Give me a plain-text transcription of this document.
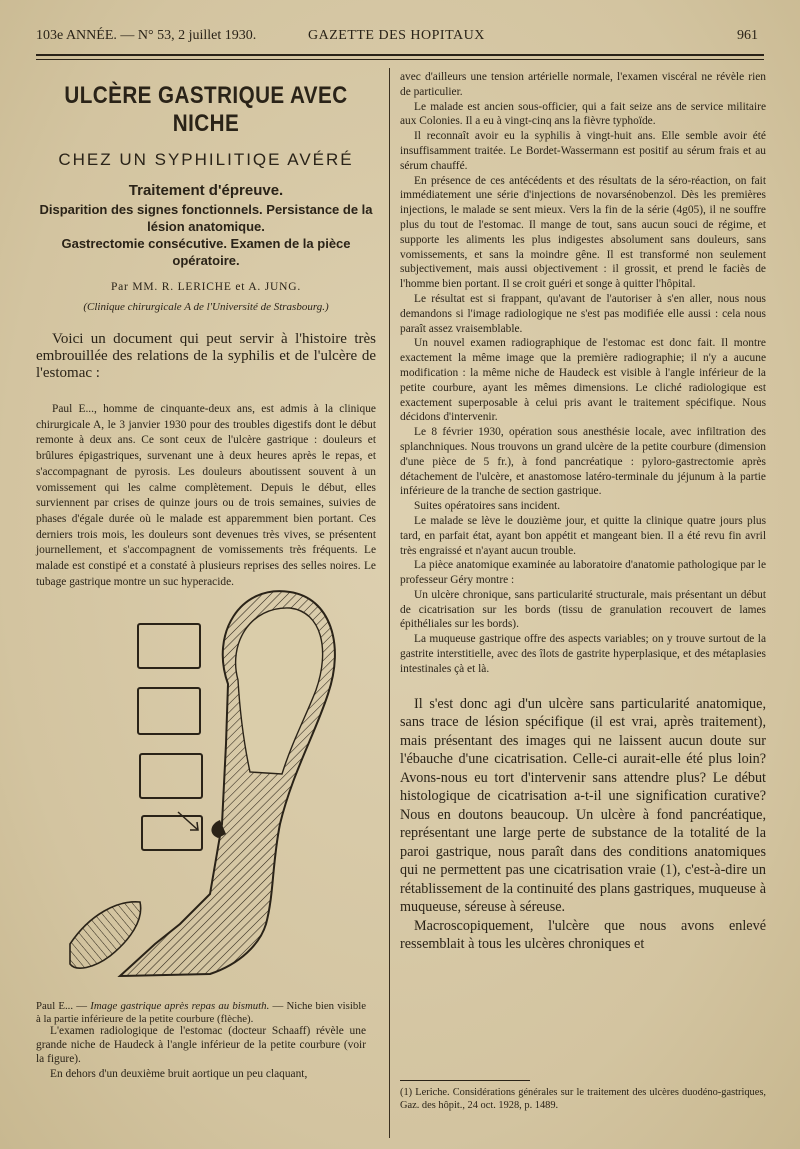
103e ANNÉE. — N° 53, 2 juillet 1930.	GAZETTE DES HOPITAUX	961
ULCÈRE GASTRIQUE AVEC NICHE
CHEZ UN SYPHILITIQE AVÉRÉ
Traitement d'épreuve.
Disparition des signes fonctionnels. Persistance de la lésion anatomique.
Gastrectomie consécutive. Examen de la pièce opératoire.
Par MM. R. LERICHE et A. JUNG.
(Clinique chirurgicale A de l'Université de Strasbourg.)
Voici un document qui peut servir à l'histoire très embrouillée des relations de la syphilis et de l'ulcère de l'estomac :
Paul E..., homme de cinquante-deux ans, est admis à la clinique chirurgicale A, le 3 janvier 1930 pour des troubles digestifs dont le début remonte à deux ans. Ce sont ceux de l'ulcère gastrique : douleurs et brûlures épigastriques, survenant une à deux heures après le repas, et s'accompagnant de pyrosis. Les douleurs aboutissent souvent à un vomissement qui les calme complètement. Depuis le début, elles surviennent par crises de quinze jours ou de trois semaines, suivies de phases d'égale durée où le malade est apparemment bien portant. Ces derniers trois mois, les douleurs sont devenues très vives, se présentent journellement, et s'accompagnent de vomissements très fréquents. Le malade est constipé et a constaté à plusieurs reprises des selles noires. Le tubage gastrique montre un suc hyperacide.
Paul E... — Image gastrique après repas au bismuth. — Niche bien visible à la partie inférieure de la petite courbure (flèche).

L'examen radiologique de l'estomac (docteur Schaaff) révèle une grande niche de Haudeck à l'angle inférieur de la petite courbure (voir la figure).

En dehors d'un deuxième bruit aortique un peu claquant,

avec d'ailleurs une tension artérielle normale, l'examen viscéral ne révèle rien de particulier.

Le malade est ancien sous-officier, qui a fait seize ans de service militaire aux Colonies. Il a eu à vingt-cinq ans la fièvre typhoïde.

Il reconnaît avoir eu la syphilis à vingt-huit ans. Elle semble avoir été insuffisamment traitée. Le Bordet-Wassermann est positif au sérum frais et au sérum chauffé.

En présence de ces antécédents et des résultats de la séro-réaction, on fait immédiatement une série d'injections de novarsénobenzol. Dès les premières injections, le malade se sent mieux. Vers la fin de la série (4g05), il ne souffre plus du tout de l'estomac. Il mange de tout, sans aucun souci de régime, et supporte les aliments les plus indigestes absolument sans douleurs, sans vomissements, et sans la moindre gêne. Il est transformé non seulement subjectivement, mais aussi objectivement : il grossit, et prend le faciès de l'homme bien portant. Il se croit guéri et songe à quitter l'hôpital.

Le résultat est si frappant, qu'avant de l'autoriser à s'en aller, nous nous demandons si l'image radiologique ne s'est pas modifiée elle aussi : cela nous paraît assez vraisemblable.

Un nouvel examen radiographique de l'estomac est donc fait. Il montre exactement la même image que la première radiographie; il n'y a aucune modification : la même niche de Haudeck est visible à l'angle inférieur de la petite courbure, ayant les mêmes dimensions. Le cliché radiologique est exactement superposable à celui pris avant le traitement spécifique. Nous décidons d'intervenir.

Le 8 février 1930, opération sous anesthésie locale, avec infiltration des splanchniques. Nous trouvons un grand ulcère de la petite courbure (dimension d'une pièce de 5 fr.), à fond pancréatique : pyloro-gastrectomie après détachement de l'ulcère, et anastomose latéro-terminale du jéjunum à la partie inférieure de la tranche de section gastrique.

Suites opératoires sans incident.

Le malade se lève le douzième jour, et quitte la clinique quatre jours plus tard, en parfait état, ayant bon appétit et mangeant bien. Il a été revu fin avril très engraissé et n'ayant aucun trouble.

La pièce anatomique examinée au laboratoire d'anatomie pathologique par le professeur Géry montre :

Un ulcère chronique, sans particularité structurale, mais présentant un début de cicatrisation sur les bords (tissu de granulation recouvert de lames épithéliales sur les bords).

La muqueuse gastrique offre des aspects variables; on y trouve surtout de la gastrite interstitielle, avec des îlots de gastrite hyperplasique, et des métaplasies intestinales çà et là.

Il s'est donc agi d'un ulcère sans particularité anatomique, sans trace de lésion spécifique (il est vrai, après traitement), mais présentant des images qui ne laissent aucun doute sur l'ébauche d'une cicatrisation. Celle-ci aurait-elle été plus loin? Avons-nous eu tort d'intervenir sans attendre plus? Le début histologique de cicatrisation a-t-il une signification curative? Nous en doutons beaucoup. Un ulcère à fond pancréatique, représentant une large perte de substance de la totalité de la paroi gastrique, nous paraît dans des conditions anatomiques qui ne permettent pas une cicatrisation vraie (1), c'est-à-dire un rétablissement de la continuité des plans gastriques, muqueuse à muqueuse, séreuse à séreuse.

Macroscopiquement, l'ulcère que nous avons enlevé ressemblait à tous les ulcères chroniques et

(1) Leriche. Considérations générales sur le traitement des ulcères duodéno-gastriques, Gaz. des hôpit., 24 oct. 1928, p. 1489.
